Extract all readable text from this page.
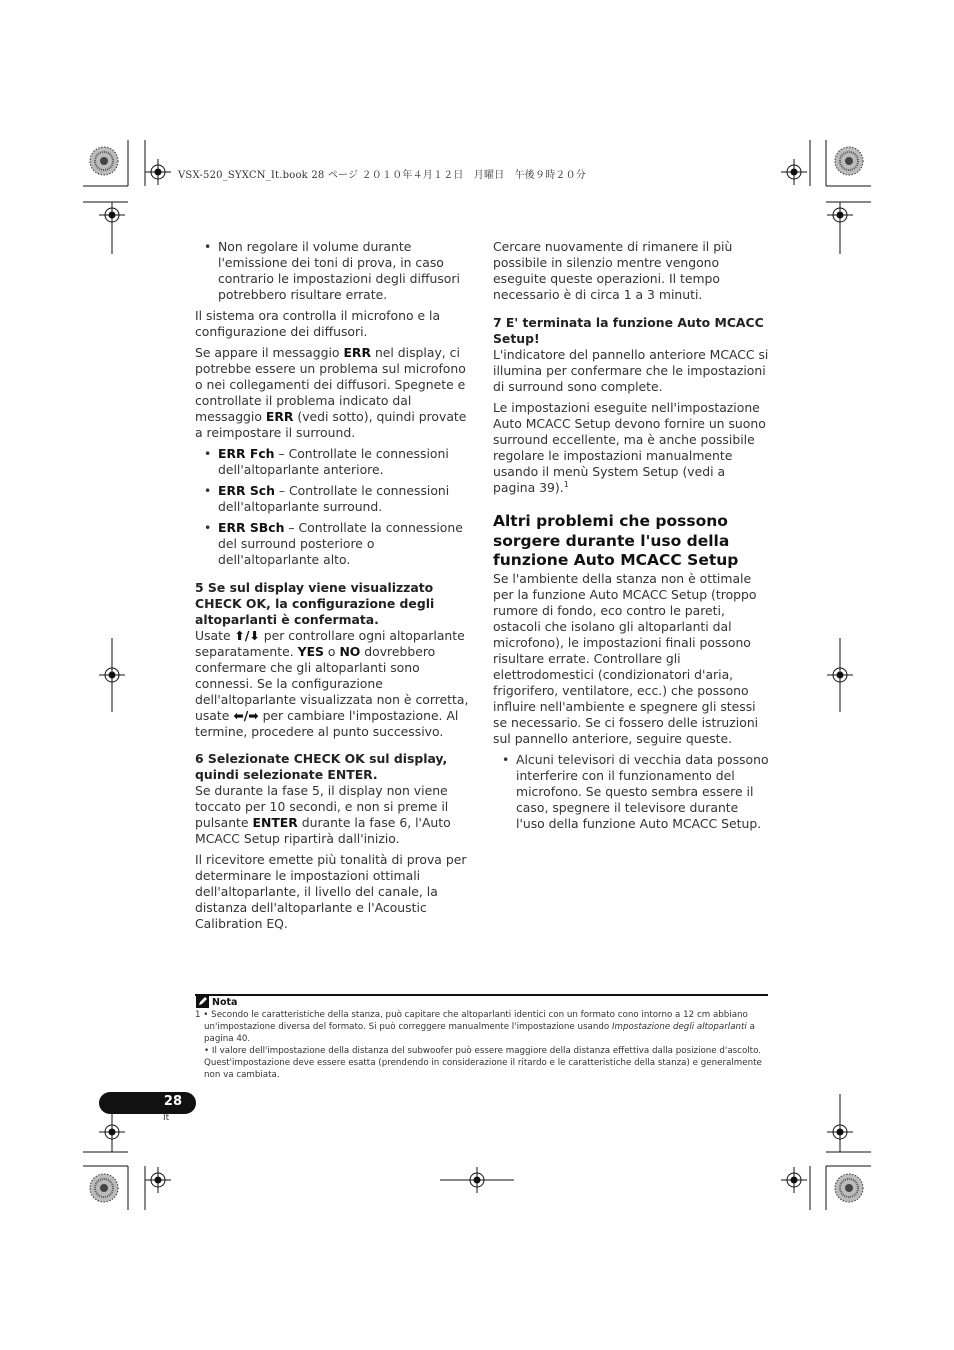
VSX-520_SYXCN_It.book 28 ページ ２０１０年４月１２日　月曜日　午後９時２０分
• Non regolare il volume durante l'emissione dei toni di prova, in caso contrario le impostazioni degli diffusori potrebbero risultare errate.

Il sistema ora controlla il microfono e la configurazione dei diffusori.

Se appare il messaggio ERR nel display, ci potrebbe essere un problema sul microfono o nei collegamenti dei diffusori. Spegnete e controllate il problema indicato dal messaggio ERR (vedi sotto), quindi provate a reimpostare il surround.

• ERR Fch – Controllate le connessioni dell'altoparlante anteriore.
• ERR Sch – Controllate le connessioni dell'altoparlante surround.
• ERR SBch – Controllate la connessione del surround posteriore o dell'altoparlante alto.
5 Se sul display viene visualizzato CHECK OK, la configurazione degli altoparlanti è confermata.

Usate ⬆/⬇ per controllare ogni altoparlante separatamente. YES o NO dovrebbero confermare che gli altoparlanti sono connessi. Se la configurazione dell'altoparlante visualizzata non è corretta, usate ⬅/➡ per cambiare l'impostazione. Al termine, procedere al punto successivo.

6 Selezionate CHECK OK sul display, quindi selezionate ENTER.

Se durante la fase 5, il display non viene toccato per 10 secondi, e non si preme il pulsante ENTER durante la fase 6, l'Auto MCACC Setup ripartirà dall'inizio.

Il ricevitore emette più tonalità di prova per determinare le impostazioni ottimali dell'altoparlante, il livello del canale, la distanza dell'altoparlante e l'Acoustic Calibration EQ.

Cercare nuovamente di rimanere il più possibile in silenzio mentre vengono eseguite queste operazioni. Il tempo necessario è di circa 1 a 3 minuti.

7 E' terminata la funzione Auto MCACC Setup!

L'indicatore del pannello anteriore MCACC si illumina per confermare che le impostazioni di surround sono complete.

Le impostazioni eseguite nell'impostazione Auto MCACC Setup devono fornire un suono surround eccellente, ma è anche possibile regolare le impostazioni manualmente usando il menù System Setup (vedi a pagina 39).$^1$

Altri problemi che possono sorgere durante l'uso della funzione Auto MCACC Setup

Se l'ambiente della stanza non è ottimale per la funzione Auto MCACC Setup (troppo rumore di fondo, eco contro le pareti, ostacoli che isolano gli altoparlanti dal microfono), le impostazioni finali possono risultare errate. Controllare gli elettrodomestici (condizionatori d'aria, frigorifero, ventilatore, ecc.) che possono influire nell'ambiente e spegnere gli stessi se necessario. Se ci fossero delle istruzioni sul pannello anteriore, seguire queste.

• Alcuni televisori di vecchia data possono interferire con il funzionamento del microfono. Se questo sembra essere il caso, spegnere il televisore durante l'uso della funzione Auto MCACC Setup.
Nota

1 • Secondo le caratteristiche della stanza, può capitare che altoparlanti identici con un formato cono intorno a 12 cm abbiano

un'impostazione diversa del formato. Si può correggere manualmente l'impostazione usando Impostazione degli altoparlanti a

pagina 40.

• Il valore dell'impostazione della distanza del subwoofer può essere maggiore della distanza effettiva dalla posizione d'ascolto.

Quest'impostazione deve essere esatta (prendendo in considerazione il ritardo e le caratteristiche della stanza) e generalmente

non va cambiata.

28
It
